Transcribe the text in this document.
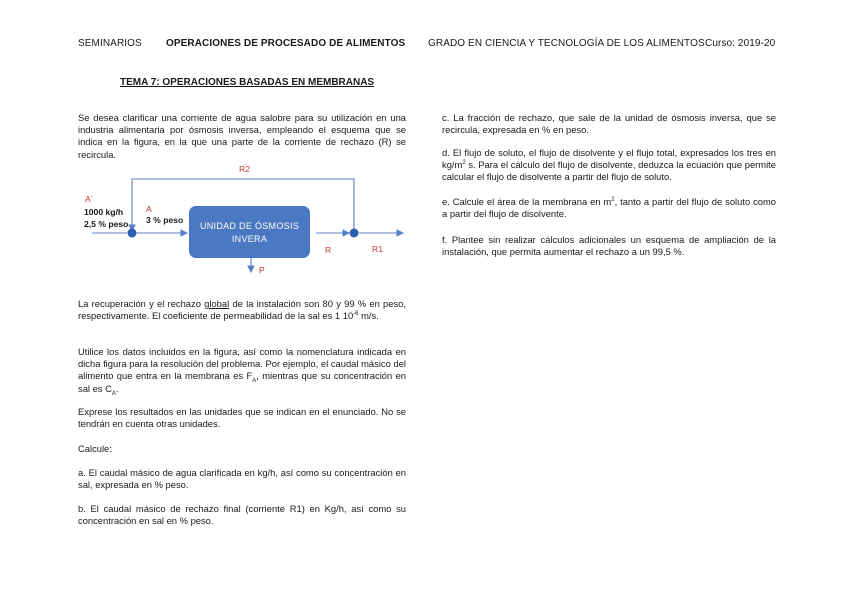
SEMINARIOS OPERACIONES DE PROCESADO DE ALIMENTOS GRADO EN CIENCIA Y TECNOLOGÍA DE LOS ALIMENTOS Curso: 2019-20
TEMA 7: OPERACIONES BASADAS EN MEMBRANAS

Se desea clarificar una corriente de agua salobre para su utilización en una industria alimentaria por ósmosis inversa, empleando el esquema que se indica en la figura, en la que una parte de la corriente de rechazo (R) se recircula.

UNIDAD DE ÓSMOSIS
INVERA
R2
A´
1000 kg/h
2,5 % peso
A
3 % peso
R	R1
P

La recuperación y el rechazo global de la instalación son 80 y 99 % en peso, respectivamente. El coeficiente de permeabilidad de la sal es 1 $10^{-6}$ m/s.

Utilice los datos incluidos en la figura, así como la nomenclatura indicada en dicha figura para la resolución del problema. Por ejemplo, el caudal másico del alimento que entra en la membrana es $F_A$, mientras que su concentración en sal es $C_A$.

Exprese los resultados en las unidades que se indican en el enunciado. No se tendrán en cuenta otras unidades.

Calcule:

a. El caudal másico de agua clarificada en kg/h, así como su concentración en sal, expresada en % peso.

b. El caudal másico de rechazo final (corriente R1) en Kg/h, así como su concentración en sal en % peso.

c. La fracción de rechazo, que sale de la unidad de ósmosis inversa, que se recircula, expresada en % en peso.

d. El flujo de soluto, el flujo de disolvente y el flujo total, expresados los tres en $kg/m^2$ s. Para el cálculo del flujo de disolvente, deduzca la ecuación que permite calcular el flujo de disolvente a partir del flujo de soluto.

e. Calcule el área de la membrana en $m^2$, tanto a partir del flujo de soluto como a partir del flujo de disolvente.

f. Plantee sin realizar cálculos adicionales un esquema de ampliación de la instalación, que permita aumentar el rechazo a un 99,5 %.
